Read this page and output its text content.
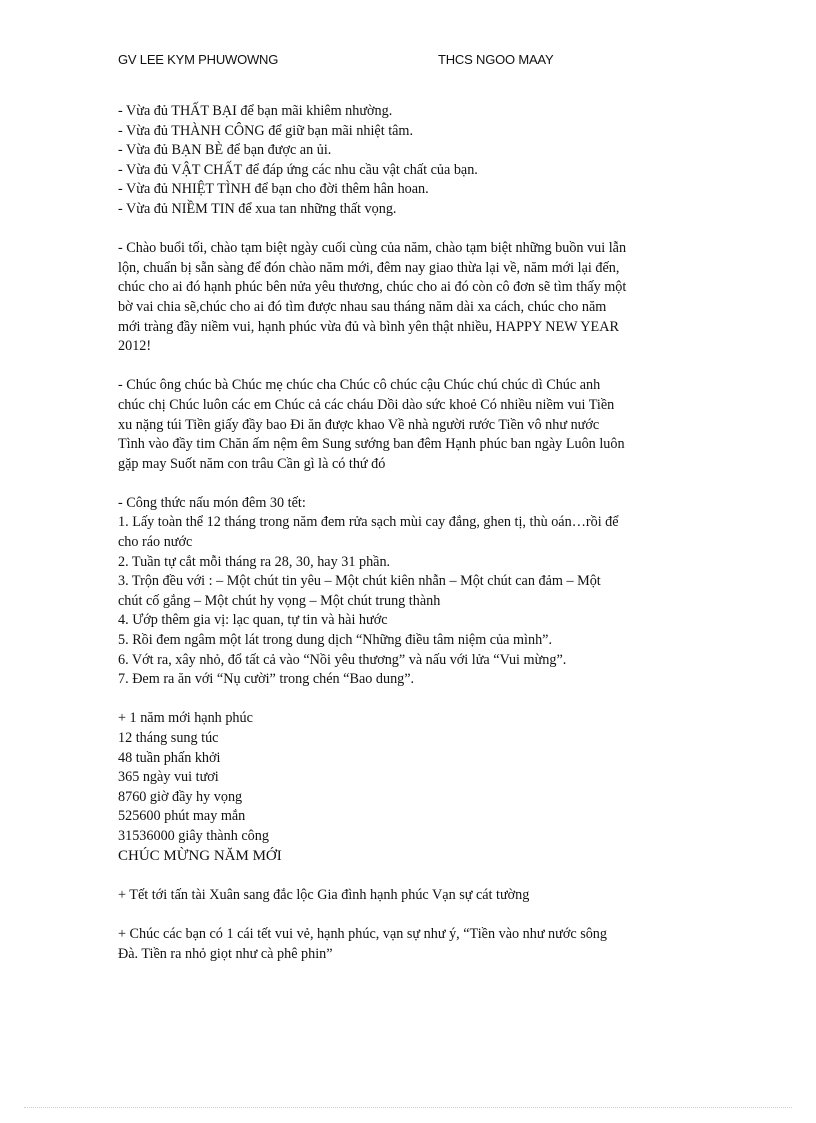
GV LEE KYM PHUWOWNG	THCS NGOO MAAY
- Vừa đủ THẤT BẠI để bạn mãi khiêm nhường.
- Vừa đủ THÀNH CÔNG để giữ bạn mãi nhiệt tâm.
- Vừa đủ BẠN BÈ để bạn được an ủi.
- Vừa đủ VẬT CHẤT để đáp ứng các nhu cầu vật chất của bạn.
- Vừa đủ NHIỆT TÌNH để bạn cho đời thêm hân hoan.
- Vừa đủ NIỀM TIN để xua tan những thất vọng.
- Chào buổi tối, chào tạm biệt ngày cuối cùng của năm, chào tạm biệt những buồn vui lẫn
lộn, chuẩn bị sẵn sàng để đón chào năm mới, đêm nay giao thừa lại về, năm mới lại đến,
chúc cho ai đó hạnh phúc bên nửa yêu thương, chúc cho ai đó còn cô đơn sẽ tìm thấy một
bờ vai chia sẽ,chúc cho ai đó tìm được nhau sau tháng năm dài xa cách, chúc cho năm
mới tràng đầy niềm vui, hạnh phúc vừa đủ và bình yên thật nhiều, HAPPY NEW YEAR
2012!
- Chúc ông chúc bà Chúc mẹ chúc cha Chúc cô chúc cậu Chúc chú chúc dì Chúc anh
chúc chị Chúc luôn các em Chúc cả các cháu Dồi dào sức khoẻ Có nhiều niềm vui Tiền
xu nặng túi Tiền giấy đầy bao Đi ăn được khao Về nhà người rước Tiền vô như nước
Tình vào đầy tim Chăn ấm nệm êm Sung sướng ban đêm Hạnh phúc ban ngày Luôn luôn
gặp may Suốt năm con trâu Cần gì là có thứ đó
- Công thức nấu món đêm 30 tết:
1. Lấy toàn thể 12 tháng trong năm đem rửa sạch mùi cay đắng, ghen tị, thù oán…rồi để
cho ráo nước
2. Tuần tự cắt mỗi tháng ra 28, 30, hay 31 phần.
3. Trộn đều với : – Một chút tin yêu – Một chút kiên nhẫn – Một chút can đảm – Một
chút cố gắng – Một chút hy vọng – Một chút trung thành
4. Ướp thêm gia vị: lạc quan, tự tin và hài hước
5. Rồi đem ngâm một lát trong dung dịch “Những điều tâm niệm của mình”.
6. Vớt ra, xây nhỏ, đổ tất cả vào “Nồi yêu thương” và nấu với lửa “Vui mừng”.
7. Đem ra ăn với “Nụ cười” trong chén “Bao dung”.
+ 1 năm mới hạnh phúc
12 tháng sung túc
48 tuần phấn khởi
365 ngày vui tươi
8760 giờ đầy hy vọng
525600 phút may mắn
31536000 giây thành công
CHÚC MỪNG NĂM MỚI
+ Tết tới tấn tài Xuân sang đắc lộc Gia đình hạnh phúc Vạn sự cát tường
+ Chúc các bạn có 1 cái tết vui vẻ, hạnh phúc, vạn sự như ý, “Tiền vào như nước sông
Đà. Tiền ra nhỏ giọt như cà phê phin”
